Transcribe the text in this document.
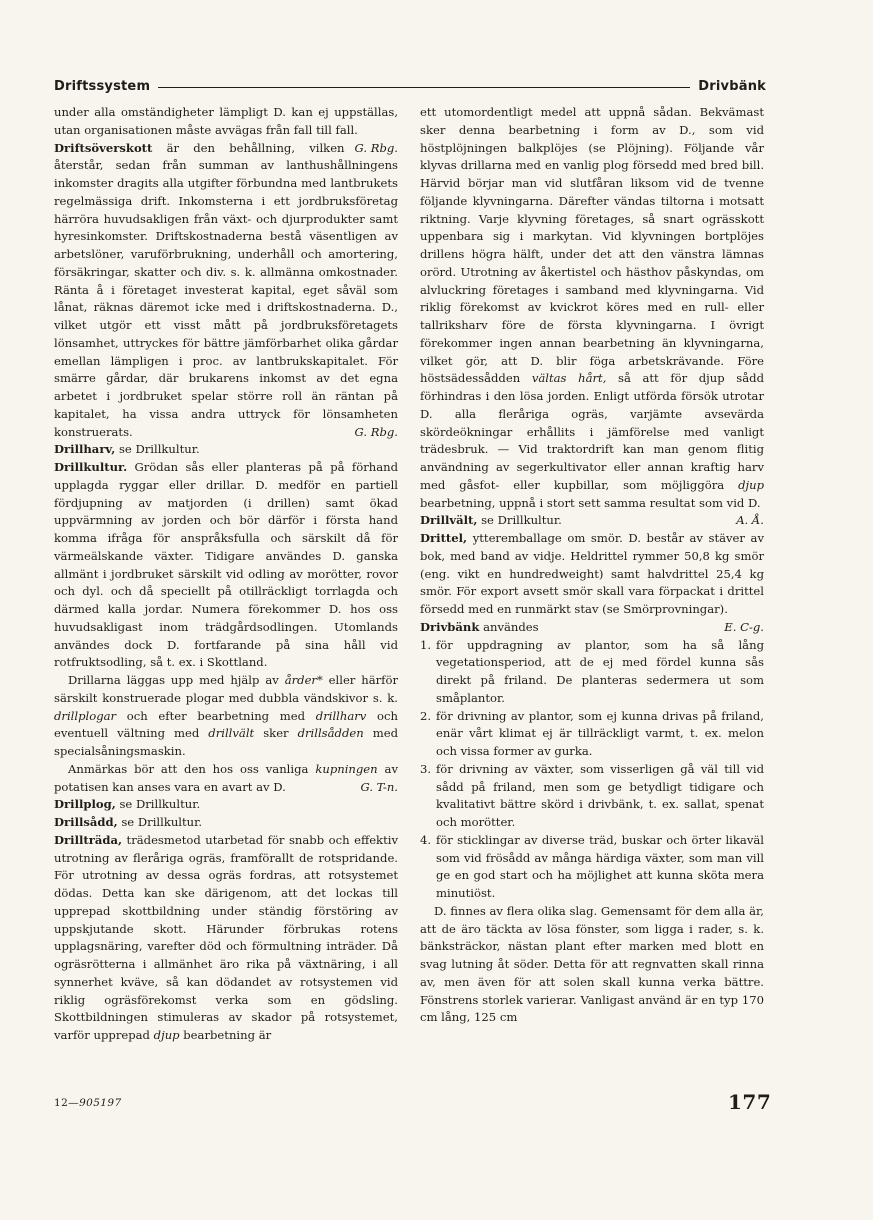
Driftssystem	Drivbänk

under alla omständigheter lämpligt D. kan ej uppställas, utan organisationen måste avvägas från fall till fall.
G. Rbg.

Driftsöverskott är den behållning, vilken återstår, sedan från summan av lanthushållningens inkomster dragits alla utgifter förbundna med lantbrukets regelmässiga drift. Inkomsterna i ett jordbruksföretag härröra huvudsakligen från växt- och djurprodukter samt hyresinkomster. Driftskostnaderna bestå väsentligen av arbetslöner, varuförbrukning, underhåll och amortering, försäkringar, skatter och div. s. k. allmänna omkostnader. Ränta å i företaget investerat kapital, eget såväl som lånat, räknas däremot icke med i driftskostnaderna. D., vilket utgör ett visst mått på jordbruksföretagets lönsamhet, uttryckes för bättre jämförbarhet olika gårdar emellan lämpligen i proc. av lantbrukskapitalet. För smärre gårdar, där brukarens inkomst av det egna arbetet i jordbruket spelar större roll än räntan på kapitalet, ha vissa andra uttryck för lönsamheten konstruerats.	G. Rbg.

Drillharv, se Drillkultur.

Drillkultur. Grödan sås eller planteras på på förhand upplagda ryggar eller drillar. D. medför en partiell fördjupning av matjorden (i drillen) samt ökad uppvärmning av jorden och bör därför i första hand komma ifråga för anspråksfulla och särskilt då för värmeälskande växter. Tidigare användes D. ganska allmänt i jordbruket särskilt vid odling av morötter, rovor och dyl. och då speciellt på otillräckligt torrlagda och därmed kalla jordar. Numera förekommer D. hos oss huvudsakligast inom trädgårdsodlingen. Utomlands användes dock D. fortfarande på sina håll vid rotfruktsodling, så t. ex. i Skottland.

Drillarna läggas upp med hjälp av årder* eller härför särskilt konstruerade plogar med dubbla vändskivor s. k. drillplogar och efter bearbetning med drillharv och eventuell vältning med drillvält sker drillsådden med specialsåningsmaskin.

Anmärkas bör att den hos oss vanliga kupningen av potatisen kan anses vara en avart av D.	G. T-n.

Drillplog, se Drillkultur.

Drillsådd, se Drillkultur.

Drillträda, trädesmetod utarbetad för snabb och effektiv utrotning av fleråriga ogräs, framförallt de rotspridande. För utrotning av dessa ogräs fordras, att rotsystemet dödas. Detta kan ske därigenom, att det lockas till upprepad skottbildning under ständig förstöring av uppskjutande skott. Härunder förbrukas rotens upplagsnäring, varefter död och förmultning inträder. Då ogräsrötterna i allmänhet äro rika på växtnäring, i all synnerhet kväve, så kan dödandet av rotsystemen vid riklig ogräsförekomst verka som en gödsling. Skottbildningen stimuleras av skador på rotsystemet, varför upprepad djup bearbetning är

ett utomordentligt medel att uppnå sådan. Bekvämast sker denna bearbetning i form av D., som vid höstplöjningen balkplöjes (se Plöjning). Följande vår klyvas drillarna med en vanlig plog försedd med bred bill. Härvid börjar man vid slutfåran liksom vid de tvenne följande klyvningarna. Därefter vändas tiltorna i motsatt riktning. Varje klyvning företages, så snart ogrässkott uppenbara sig i markytan. Vid klyvningen bortplöjes drillens högra hälft, under det att den vänstra lämnas orörd. Utrotning av åkertistel och hästhov påskyndas, om alvluckring företages i samband med klyvningarna. Vid riklig förekomst av kvickrot köres med en rull- eller tallriksharv före de första klyvningarna. I övrigt förekommer ingen annan bearbetning än klyvningarna, vilket gör, att D. blir föga arbetskrävande. Före höstsädessådden vältas hårt, så att för djup sådd förhindras i den lösa jorden. Enligt utförda försök utrotar D. alla fleråriga ogräs, varjämte avsevärda skördeökningar erhållits i jämförelse med vanligt trädesbruk. — Vid traktordrift kan man genom flitig användning av segerkultivator eller annan kraftig harv med gåsfot- eller kupbillar, som möjliggöra djup bearbetning, uppnå i stort sett samma resultat som vid D.
A. Å.

Drillvält, se Drillkultur.

Drittel, ytteremballage om smör. D. består av stäver av bok, med band av vidje. Heldrittel rymmer 50,8 kg smör (eng. vikt en hundredweight) samt halvdrittel 25,4 kg smör. För export avsett smör skall vara förpackat i drittel försedd med en runmärkt stav (se Smörprovningar).
E. C-g.

Drivbänk användes

1. för uppdragning av plantor, som ha så lång vegetationsperiod, att de ej med fördel kunna sås direkt på friland. De planteras sedermera ut som småplantor.

2. för drivning av plantor, som ej kunna drivas på friland, enär vårt klimat ej är tillräckligt varmt, t. ex. melon och vissa former av gurka.

3. för drivning av växter, som visserligen gå väl till vid sådd på friland, men som ge betydligt tidigare och kvalitativt bättre skörd i drivbänk, t. ex. sallat, spenat och morötter.

4. för sticklingar av diverse träd, buskar och örter likaväl som vid frösådd av många härdiga växter, som man vill ge en god start och ha möjlighet att kunna sköta mera minutiöst.

D. finnes av flera olika slag. Gemensamt för dem alla är, att de äro täckta av lösa fönster, som ligga i rader, s. k. bänksträckor, nästan plant efter marken med blott en svag lutning åt söder. Detta för att regnvatten skall rinna av, men även för att solen skall kunna verka bättre. Fönstrens storlek varierar. Vanligast använd är en typ 170 cm lång, 125 cm

12—905197	177
